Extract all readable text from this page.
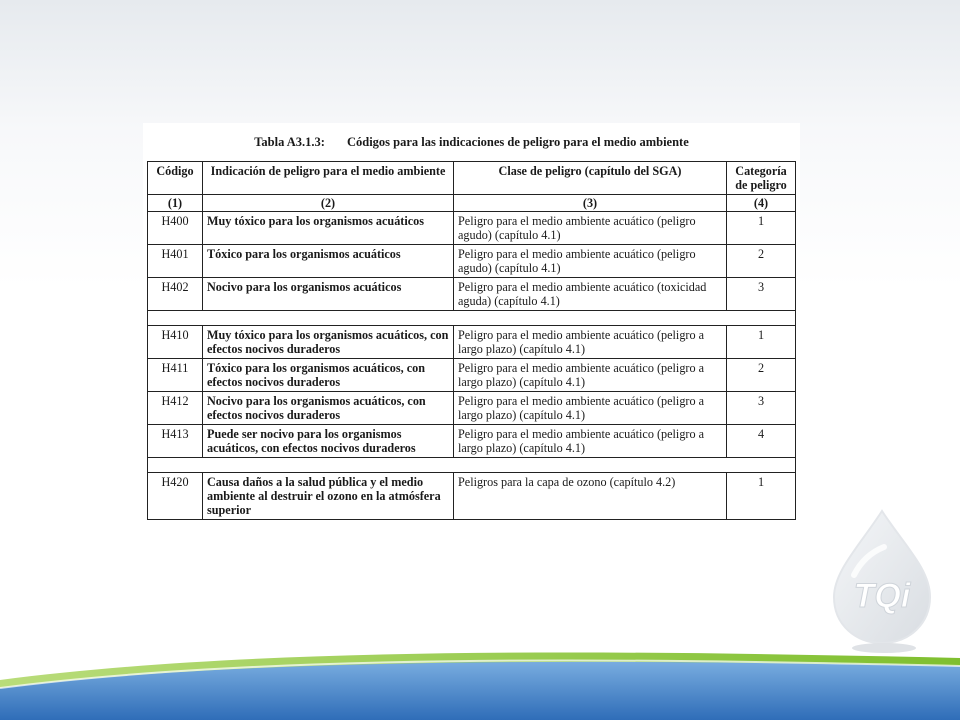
Tabla A3.1.3: Códigos para las indicaciones de peligro para el medio ambiente
Código	Indicación de peligro para el medio ambiente	Clase de peligro (capítulo del SGA)	Categoría de peligro
(1)	(2)	(3)	(4)
H400	Muy tóxico para los organismos acuáticos	Peligro para el medio ambiente acuático (peligro agudo) (capítulo 4.1)	1
H401	Tóxico para los organismos acuáticos	Peligro para el medio ambiente acuático (peligro agudo) (capítulo 4.1)	2
H402	Nocivo para los organismos acuáticos	Peligro para el medio ambiente acuático (toxicidad aguda) (capítulo 4.1)	3

H410	Muy tóxico para los organismos acuáticos, con efectos nocivos duraderos	Peligro para el medio ambiente acuático (peligro a largo plazo) (capítulo 4.1)	1
H411	Tóxico para los organismos acuáticos, con efectos nocivos duraderos	Peligro para el medio ambiente acuático (peligro a largo plazo) (capítulo 4.1)	2
H412	Nocivo para los organismos acuáticos, con efectos nocivos duraderos	Peligro para el medio ambiente acuático (peligro a largo plazo) (capítulo 4.1)	3
H413	Puede ser nocivo para los organismos acuáticos, con efectos nocivos duraderos	Peligro para el medio ambiente acuático (peligro a largo plazo) (capítulo 4.1)	4

H420	Causa daños a la salud pública y el medio ambiente al destruir el ozono en la atmósfera superior	Peligros para la capa de ozono (capítulo 4.2)	1
TQi
